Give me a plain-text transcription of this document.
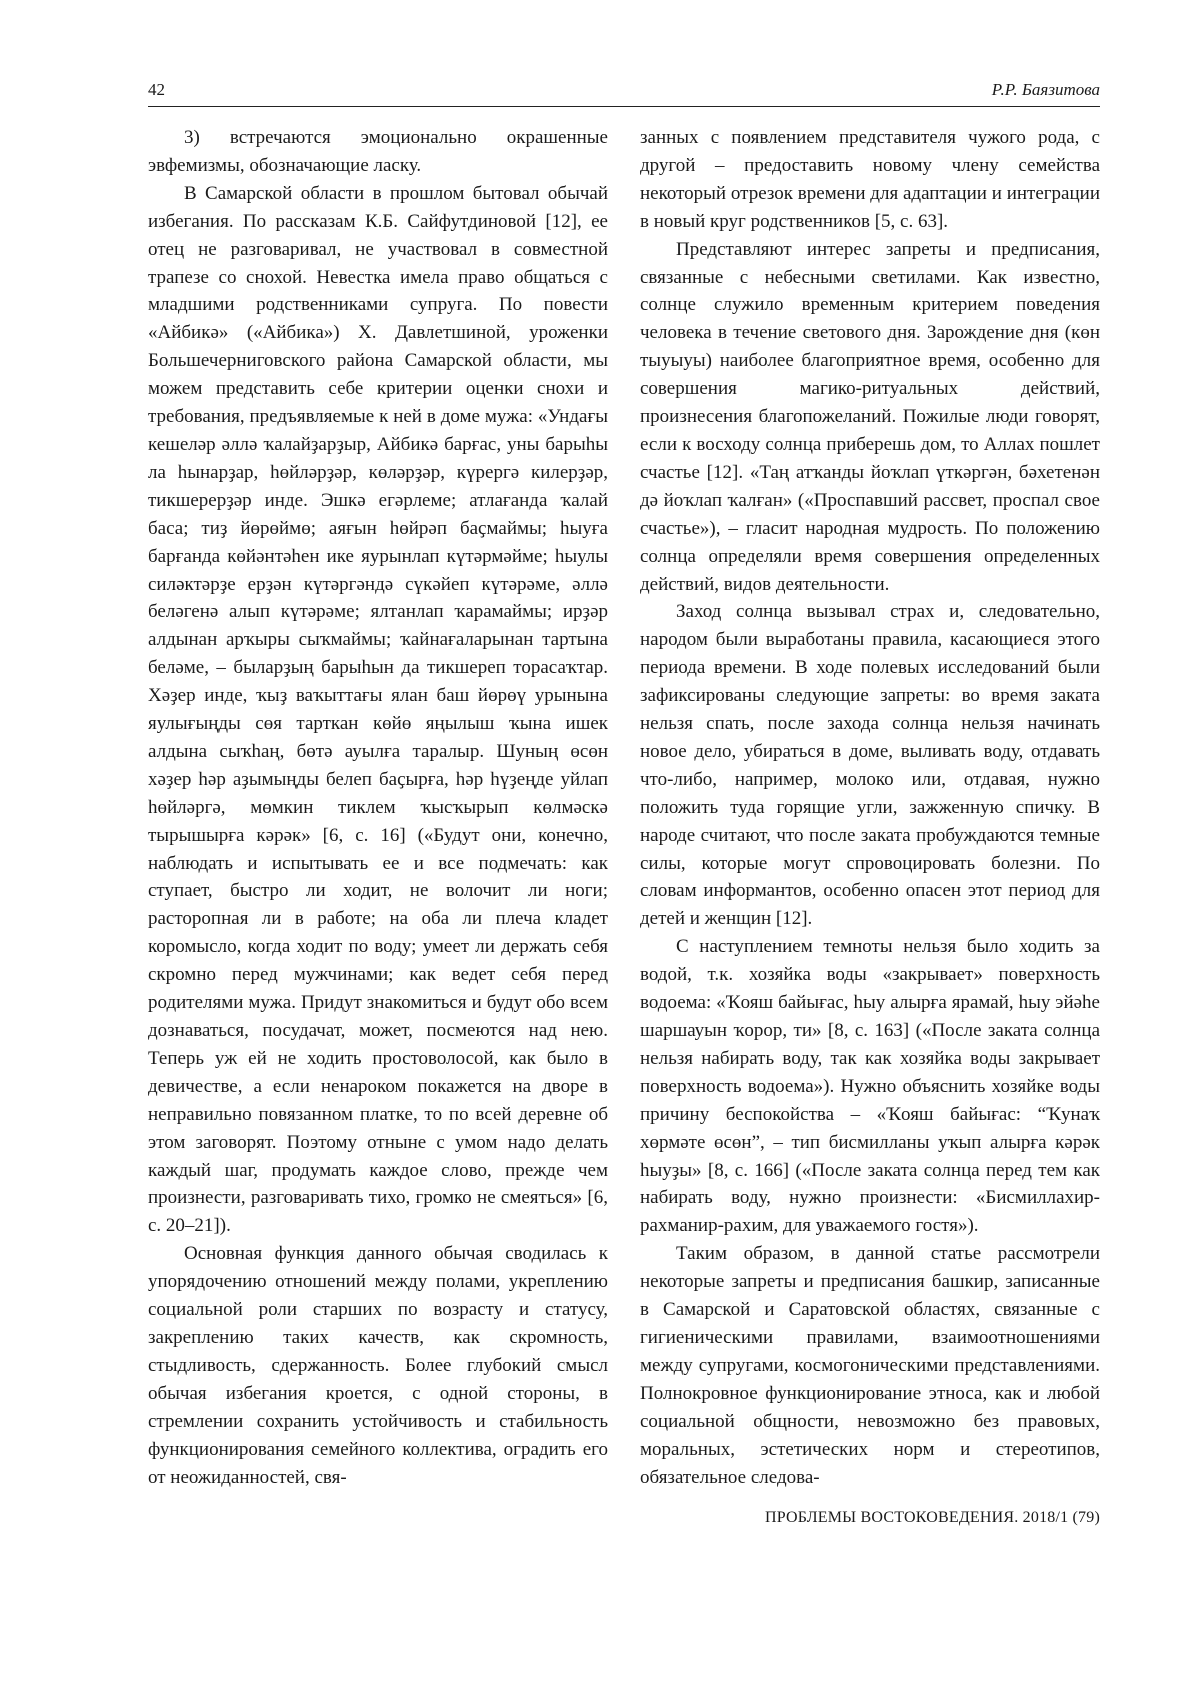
42	Р.Р. Баязитова

3) встречаются эмоционально окрашенные эвфемизмы, обозначающие ласку.

В Самарской области в прошлом бытовал обычай избегания. По рассказам К.Б. Сайфутдиновой [12], ее отец не разговаривал, не участвовал в совместной трапезе со снохой. Невестка имела право общаться с младшими родственниками супруга. По повести «Айбикә» («Айбика») Х. Давлетшиной, уроженки Большечерниговского района Самарской области, мы можем представить себе критерии оценки снохи и требования, предъявляемые к ней в доме мужа: «Ундағы кешеләр әллә ҡалайҙарҙыр, Айбикә барғас, уны барыһы ла һынарҙар, һөйләрҙәр, көләрҙәр, күрергә килерҙәр, тикшерерҙәр инде. Эшкә егәрлеме; атлағанда ҡалай баса; тиҙ йөрөймө; аяғын һөйрәп баҫмаймы; һыуға барғанда көйәнтәһен ике яурынлап күтәрмәйме; һыулы силәктәрҙе ерҙән күтәргәндә сүкәйеп күтәрәме, әллә беләгенә алып күтәрәме; ялтанлап ҡарамаймы; ирҙәр алдынан арҡыры сыҡмаймы; ҡайнағаларынан тартына беләме, – быларҙың барыһын да тикшереп торасаҡтар. Хәҙер инде, ҡыҙ ваҡыттағы ялан баш йөрөү урынына яулығыңды сөя тарткан көйө яңылыш ҡына ишек алдына сыҡһаң, бөтә ауылға таралыр. Шуның өсөн хәҙер һәр аҙымыңды белеп баҫырға, һәр һүҙеңде уйлап һөйләргә, мөмкин тиклем ҡысҡырып көлмәскә тырышырға кәрәк» [6, с. 16] («Будут они, конечно, наблюдать и испытывать ее и все подмечать: как ступает, быстро ли ходит, не волочит ли ноги; расторопная ли в работе; на оба ли плеча кладет коромысло, когда ходит по воду; умеет ли держать себя скромно перед мужчинами; как ведет себя перед родителями мужа. Придут знакомиться и будут обо всем дознаваться, посудачат, может, посмеются над нею. Теперь уж ей не ходить простоволосой, как было в девичестве, а если ненароком покажется на дворе в неправильно повязанном платке, то по всей деревне об этом заговорят. Поэтому отныне с умом надо делать каждый шаг, продумать каждое слово, прежде чем произнести, разговаривать тихо, громко не смеяться» [6, с. 20–21]).

Основная функция данного обычая сводилась к упорядочению отношений между полами, укреплению социальной роли старших по возрасту и статусу, закреплению таких качеств, как скромность, стыдливость, сдержанность. Более глубокий смысл обычая избегания кроется, с одной стороны, в стремлении сохранить устойчивость и стабильность функционирования семейного коллектива, оградить его от неожиданностей, свя-

занных с появлением представителя чужого рода, с другой – предоставить новому члену семейства некоторый отрезок времени для адаптации и интеграции в новый круг родственников [5, с. 63].

Представляют интерес запреты и предписания, связанные с небесными светилами. Как известно, солнце служило временным критерием поведения человека в течение светового дня. Зарождение дня (көн тыуыуы) наиболее благоприятное время, особенно для совершения магико-ритуальных действий, произнесения благопожеланий. Пожилые люди говорят, если к восходу солнца приберешь дом, то Аллах пошлет счастье [12]. «Таң атҡанды йоҡлап үткәргән, бәхетенән дә йоҡлап ҡалған» («Проспавший рассвет, проспал свое счастье»), – гласит народная мудрость. По положению солнца определяли время совершения определенных действий, видов деятельности.

Заход солнца вызывал страх и, следовательно, народом были выработаны правила, касающиеся этого периода времени. В ходе полевых исследований были зафиксированы следующие запреты: во время заката нельзя спать, после захода солнца нельзя начинать новое дело, убираться в доме, выливать воду, отдавать что-либо, например, молоко или, отдавая, нужно положить туда горящие угли, зажженную спичку. В народе считают, что после заката пробуждаются темные силы, которые могут спровоцировать болезни. По словам информантов, особенно опасен этот период для детей и женщин [12].

С наступлением темноты нельзя было ходить за водой, т.к. хозяйка воды «закрывает» поверхность водоема: «Ҡояш байығас, һыу алырға ярамай, һыу эйәһе шаршауын ҡорор, ти» [8, с. 163] («После заката солнца нельзя набирать воду, так как хозяйка воды закрывает поверхность водоема»). Нужно объяснить хозяйке воды причину беспокойства – «Ҡояш байығас: “Ҡунаҡ хөрмәте өсөн”, – тип бисмилланы уҡып алырға кәрәк һыуҙы» [8, с. 166] («После заката солнца перед тем как набирать воду, нужно произнести: «Бисмиллахир-рахманир-рахим, для уважаемого гостя»).

Таким образом, в данной статье рассмотрели некоторые запреты и предписания башкир, записанные в Самарской и Саратовской областях, связанные с гигиеническими правилами, взаимоотношениями между супругами, космогоническими представлениями. Полнокровное функционирование этноса, как и любой социальной общности, невозможно без правовых, моральных, эстетических норм и стереотипов, обязательное следова-

ПРОБЛЕМЫ ВОСТОКОВЕДЕНИЯ. 2018/1 (79)
